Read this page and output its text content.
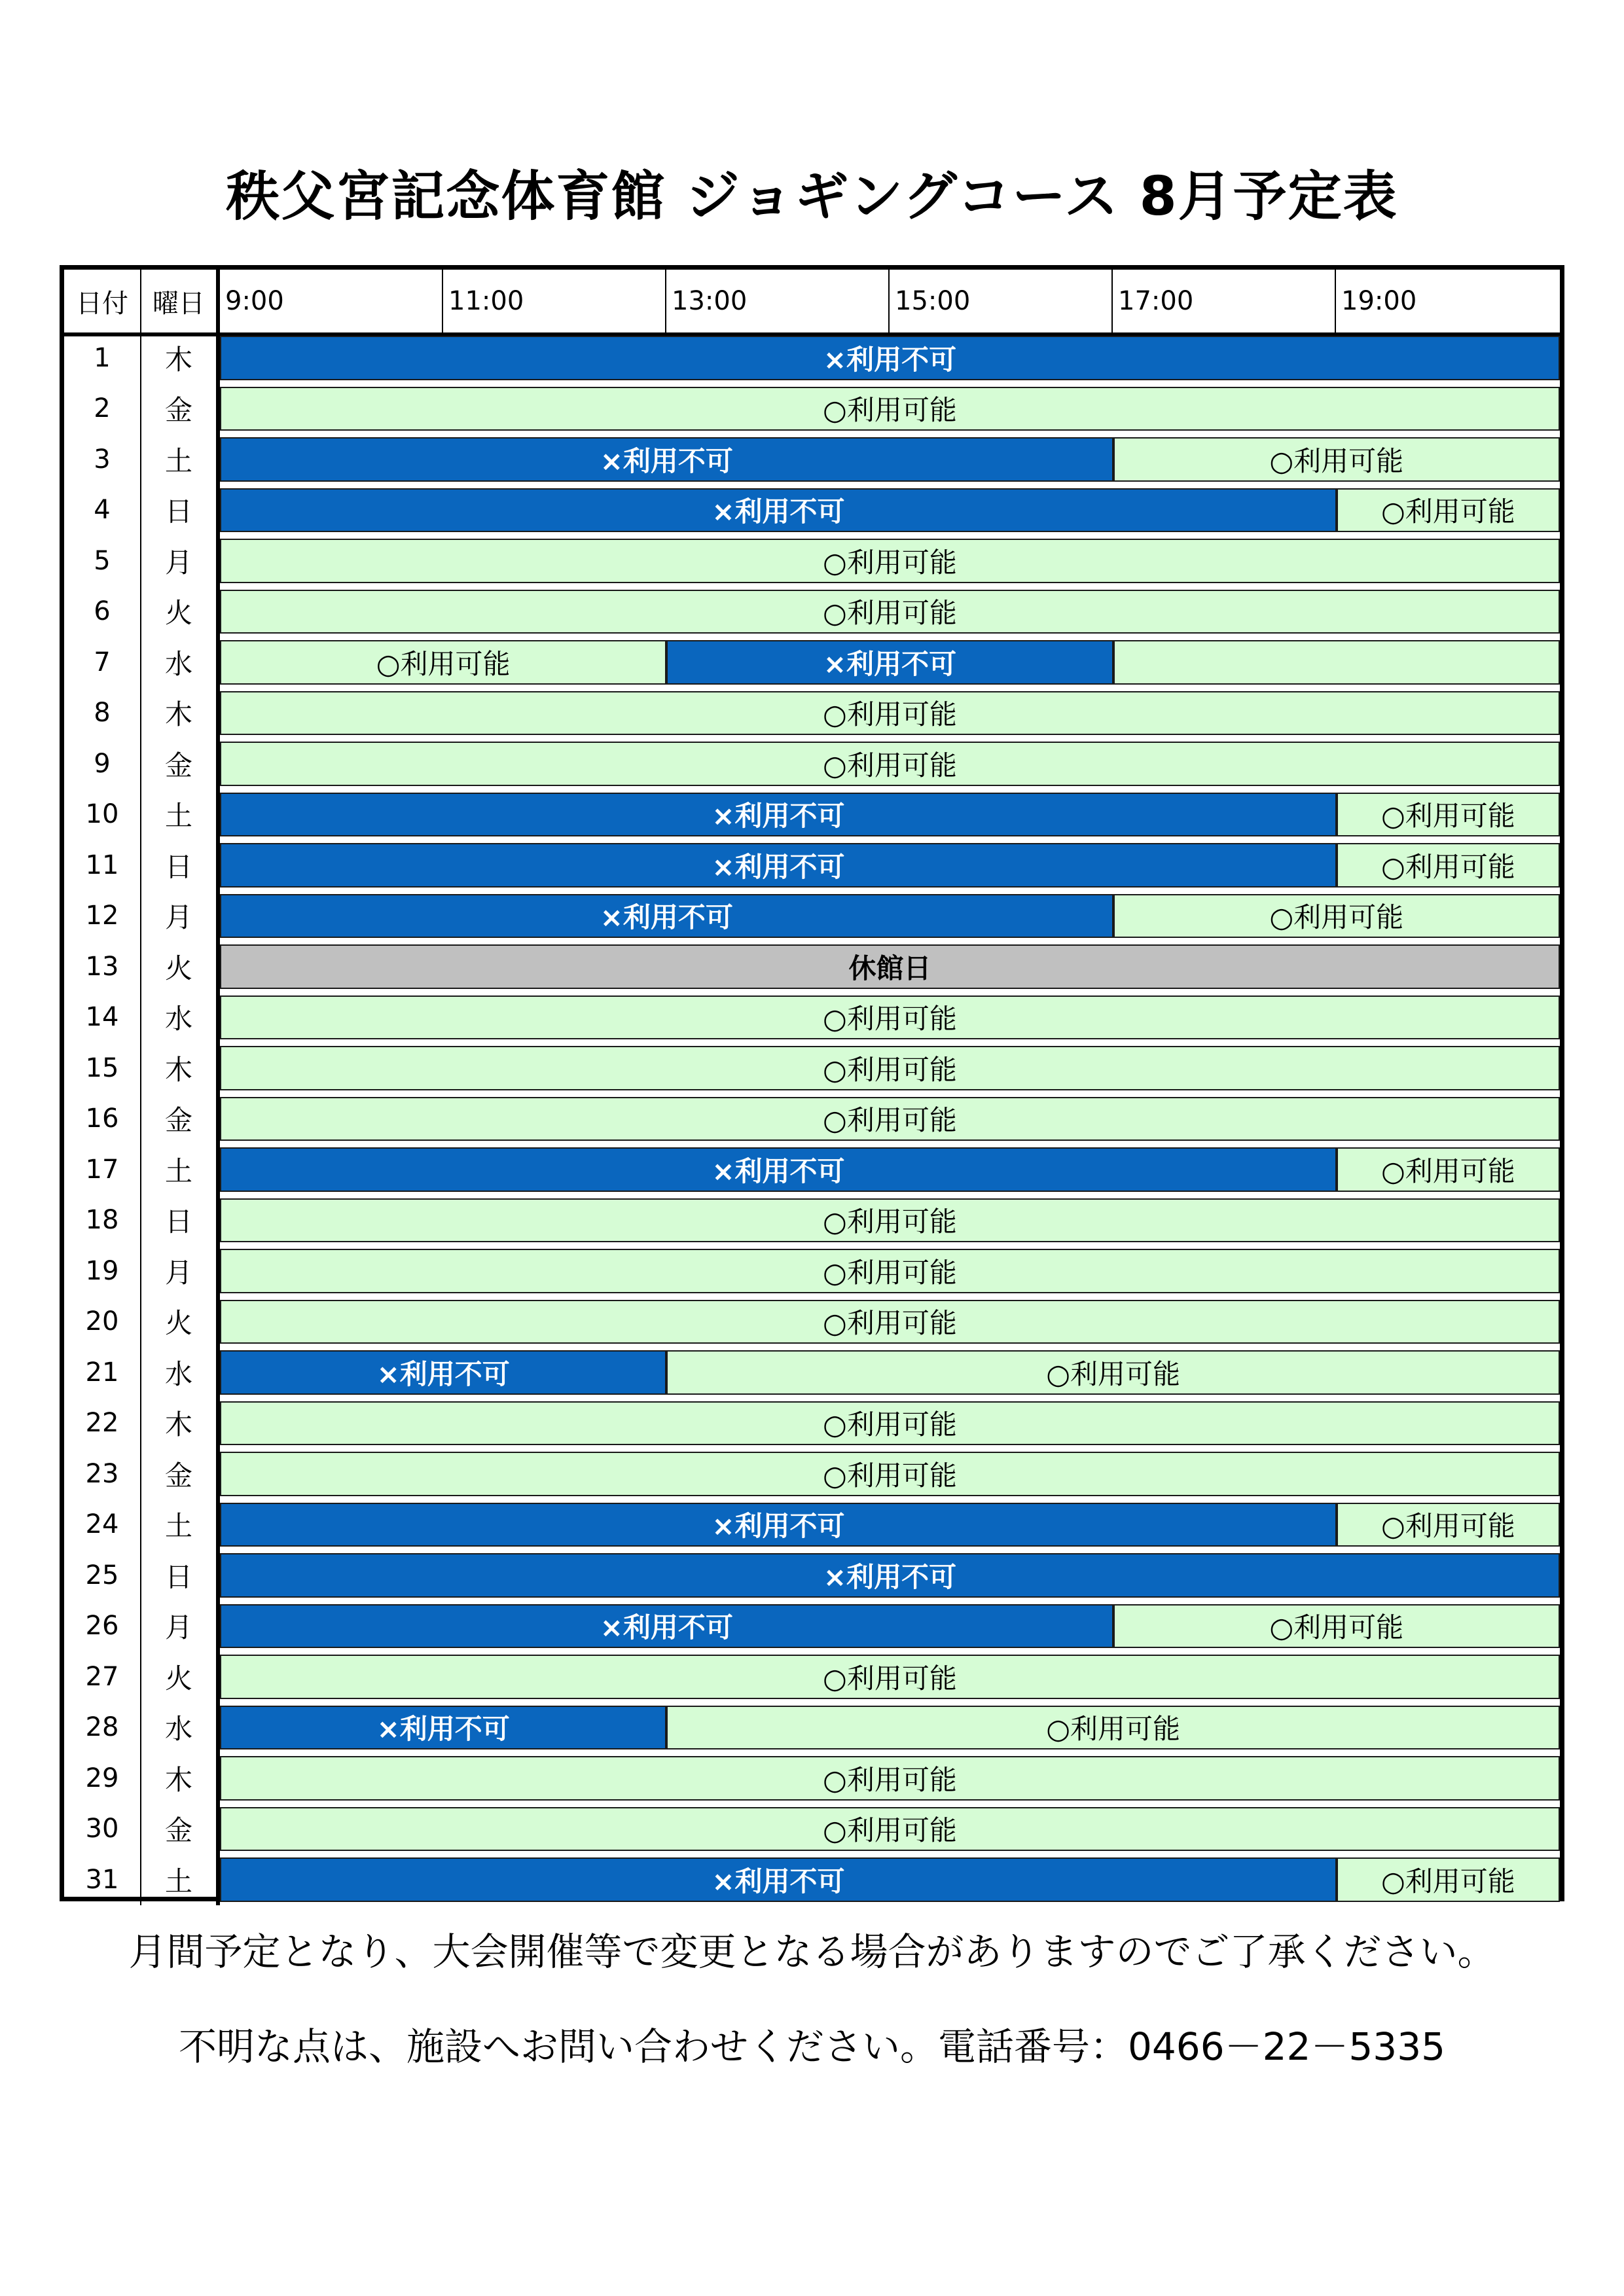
秩父宮記念体育館 ジョギングコース 8月予定表
日付 曜日 9:00	11:00	13:00	15:00	17:00	19:00
1	木	×利用不可
2	金	○利用可能
3	土	×利用不可	○利用可能
4	日	×利用不可	○利用可能
5	月	○利用可能
6	火	○利用可能
7	水	○利用可能	×利用不可
8	木	○利用可能
9	金	○利用可能
10	土	×利用不可	○利用可能
11	日	×利用不可	○利用可能
12	月	×利用不可	○利用可能
13	火	休館日
14	水	○利用可能
15	木	○利用可能
16	金	○利用可能
17	土	×利用不可	○利用可能
18	日	○利用可能
19	月	○利用可能
20	火	○利用可能
21	水	×利用不可	○利用可能
22	木	○利用可能
23	金	○利用可能
24	土	×利用不可	○利用可能
25	日	×利用不可
26	月	×利用不可	○利用可能
27	火	○利用可能
28	水	×利用不可	○利用可能
29	木	○利用可能
30	金	○利用可能
31	土	×利用不可	○利用可能
月間予定となり、大会開催等で変更となる場合がありますのでご了承ください。
不明な点は、施設へお問い合わせください。電話番号：0466－22－5335
